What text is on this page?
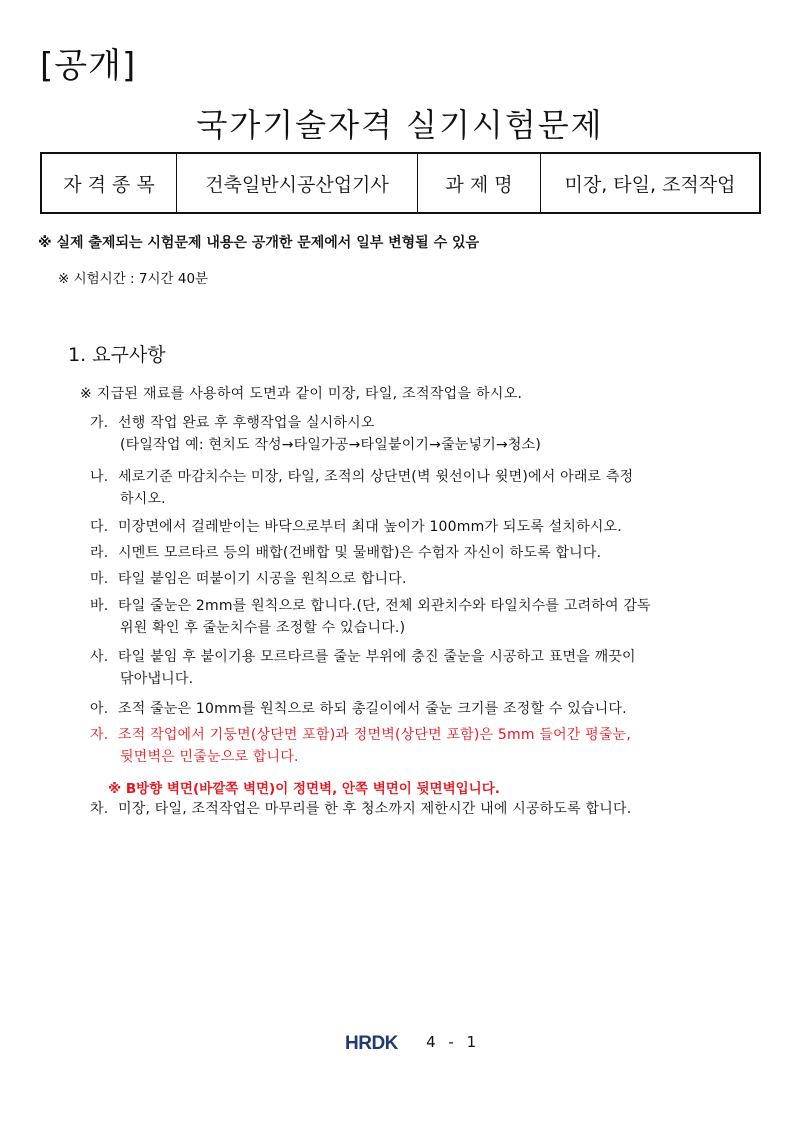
[공개]
국가기술자격 실기시험문제
자 격 종 목	건축일반시공산업기사	과 제 명	미장, 타일, 조적작업
※ 실제 출제되는 시험문제 내용은 공개한 문제에서 일부 변형될 수 있음
※ 시험시간 : 7시간 40분
1. 요구사항
※ 지급된 재료를 사용하여 도면과 같이 미장, 타일, 조적작업을 하시오.
가. 선행 작업 완료 후 후행작업을 실시하시오
(타일작업 예: 현치도 작성→타일가공→타일붙이기→줄눈넣기→청소)
나. 세로기준 마감치수는 미장, 타일, 조적의 상단면(벽 윗선이나 윗면)에서 아래로 측정
하시오.
다. 미장면에서 걸레받이는 바닥으로부터 최대 높이가 100mm가 되도록 설치하시오.
라. 시멘트 모르타르 등의 배합(건배합 및 물배합)은 수험자 자신이 하도록 합니다.
마. 타일 붙임은 떠붙이기 시공을 원칙으로 합니다.
바. 타일 줄눈은 2mm를 원칙으로 합니다.(단, 전체 외관치수와 타일치수를 고려하여 감독
위원 확인 후 줄눈치수를 조정할 수 있습니다.)
사. 타일 붙임 후 붙이기용 모르타르를 줄눈 부위에 충진 줄눈을 시공하고 표면을 깨끗이
닦아냅니다.
아. 조적 줄눈은 10mm를 원칙으로 하되 총길이에서 줄눈 크기를 조정할 수 있습니다.
자. 조적 작업에서 기둥면(상단면 포함)과 정면벽(상단면 포함)은 5mm 들어간 평줄눈,
뒷면벽은 민줄눈으로 합니다.
※ B방향 벽면(바깥쪽 벽면)이 정면벽, 안쪽 벽면이 뒷면벽입니다.
차. 미장, 타일, 조적작업은 마무리를 한 후 청소까지 제한시간 내에 시공하도록 합니다.
HRDK 4 - 1
